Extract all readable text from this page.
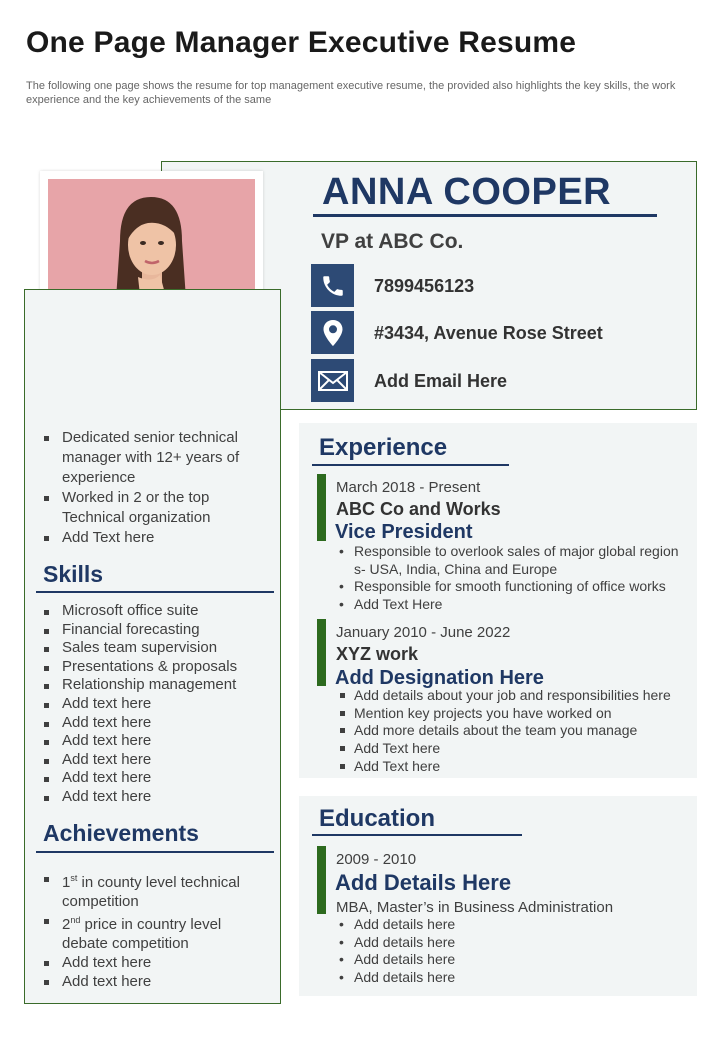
One Page Manager Executive Resume

The following one page shows the resume for top management executive resume, the provided also highlights the key skills, the work experience and the key achievements of the same

ANNA COOPER
VP at ABC Co.
7899456123
#3434, Avenue Rose Street
Add Email Here
Dedicated senior technical manager with 12+ years of experience
Worked in 2 or the top Technical organization
Add Text here
Skills
Microsoft office suite
Financial forecasting
Sales team supervision
Presentations & proposals
Relationship management
Add text here
Add text here
Add text here
Add text here
Add text here
Add text here
Achievements
1st in county level technical competition
2nd price in country level debate competition
Add text here
Add text here
Experience
March 2018 - Present
ABC Co and Works
Vice President
• Responsible to overlook sales of major global region s- USA, India, China and Europe
• Responsible for smooth functioning of office works
• Add Text Here
January 2010 - June 2022
XYZ work
Add Designation Here
Add details about your job and responsibilities here
Mention key projects you have worked on
Add more details about the team you manage
Add Text here
Add Text here
Education
2009 - 2010
Add Details Here
MBA, Master’s in Business Administration
• Add details here
• Add details here
• Add details here
• Add details here
